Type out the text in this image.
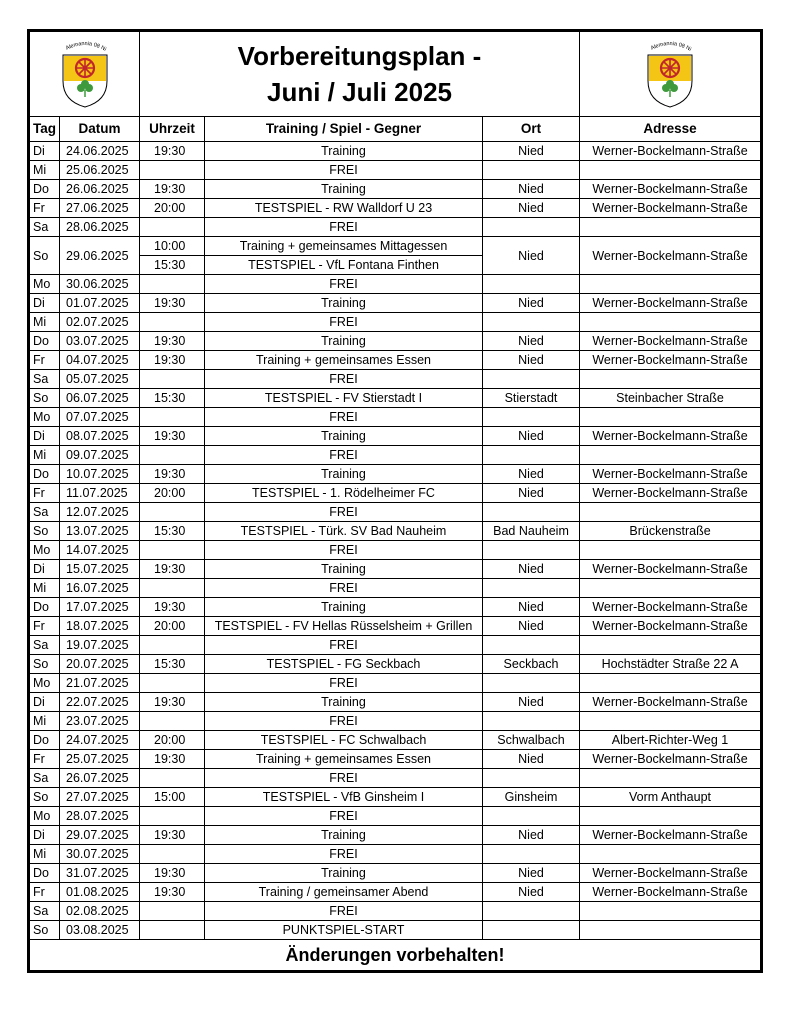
Alemannia 08 Ni		Vorbereitungsplan -
Juni / Juli 2025			Alemannia 08 Ni

Tag	Datum	Uhrzeit	Training / Spiel - Gegner	Ort	Adresse
Di	24.06.2025	19:30	Training	Nied	Werner-Bockelmann-Straße
Mi	25.06.2025		FREI		
Do	26.06.2025	19:30	Training	Nied	Werner-Bockelmann-Straße
Fr	27.06.2025	20:00	TESTSPIEL - RW Walldorf U 23	Nied	Werner-Bockelmann-Straße
Sa	28.06.2025		FREI		
So	29.06.2025	10:00	Training + gemeinsames Mittagessen	Nied	Werner-Bockelmann-Straße
		15:30	TESTSPIEL - VfL Fontana Finthen		
Mo	30.06.2025		FREI		
Di	01.07.2025	19:30	Training	Nied	Werner-Bockelmann-Straße
Mi	02.07.2025		FREI		
Do	03.07.2025	19:30	Training	Nied	Werner-Bockelmann-Straße
Fr	04.07.2025	19:30	Training + gemeinsames Essen	Nied	Werner-Bockelmann-Straße
Sa	05.07.2025		FREI		
So	06.07.2025	15:30	TESTSPIEL - FV Stierstadt I	Stierstadt	Steinbacher Straße
Mo	07.07.2025		FREI		
Di	08.07.2025	19:30	Training	Nied	Werner-Bockelmann-Straße
Mi	09.07.2025		FREI		
Do	10.07.2025	19:30	Training	Nied	Werner-Bockelmann-Straße
Fr	11.07.2025	20:00	TESTSPIEL - 1. Rödelheimer FC	Nied	Werner-Bockelmann-Straße
Sa	12.07.2025		FREI		
So	13.07.2025	15:30	TESTSPIEL - Türk. SV Bad Nauheim	Bad Nauheim	Brückenstraße
Mo	14.07.2025		FREI		
Di	15.07.2025	19:30	Training	Nied	Werner-Bockelmann-Straße
Mi	16.07.2025		FREI		
Do	17.07.2025	19:30	Training	Nied	Werner-Bockelmann-Straße
Fr	18.07.2025	20:00	TESTSPIEL - FV Hellas Rüsselsheim + Grillen	Nied	Werner-Bockelmann-Straße
Sa	19.07.2025		FREI		
So	20.07.2025	15:30	TESTSPIEL - FG Seckbach	Seckbach	Hochstädter Straße 22 A
Mo	21.07.2025		FREI		
Di	22.07.2025	19:30	Training	Nied	Werner-Bockelmann-Straße
Mi	23.07.2025		FREI		
Do	24.07.2025	20:00	TESTSPIEL - FC Schwalbach	Schwalbach	Albert-Richter-Weg 1
Fr	25.07.2025	19:30	Training + gemeinsames Essen	Nied	Werner-Bockelmann-Straße
Sa	26.07.2025		FREI		
So	27.07.2025	15:00	TESTSPIEL - VfB Ginsheim I	Ginsheim	Vorm Anthaupt
Mo	28.07.2025		FREI		
Di	29.07.2025	19:30	Training	Nied	Werner-Bockelmann-Straße
Mi	30.07.2025		FREI		
Do	31.07.2025	19:30	Training	Nied	Werner-Bockelmann-Straße
Fr	01.08.2025	19:30	Training / gemeinsamer Abend	Nied	Werner-Bockelmann-Straße
Sa	02.08.2025		FREI		
So	03.08.2025		PUNKTSPIEL-START		
Änderungen vorbehalten!					
